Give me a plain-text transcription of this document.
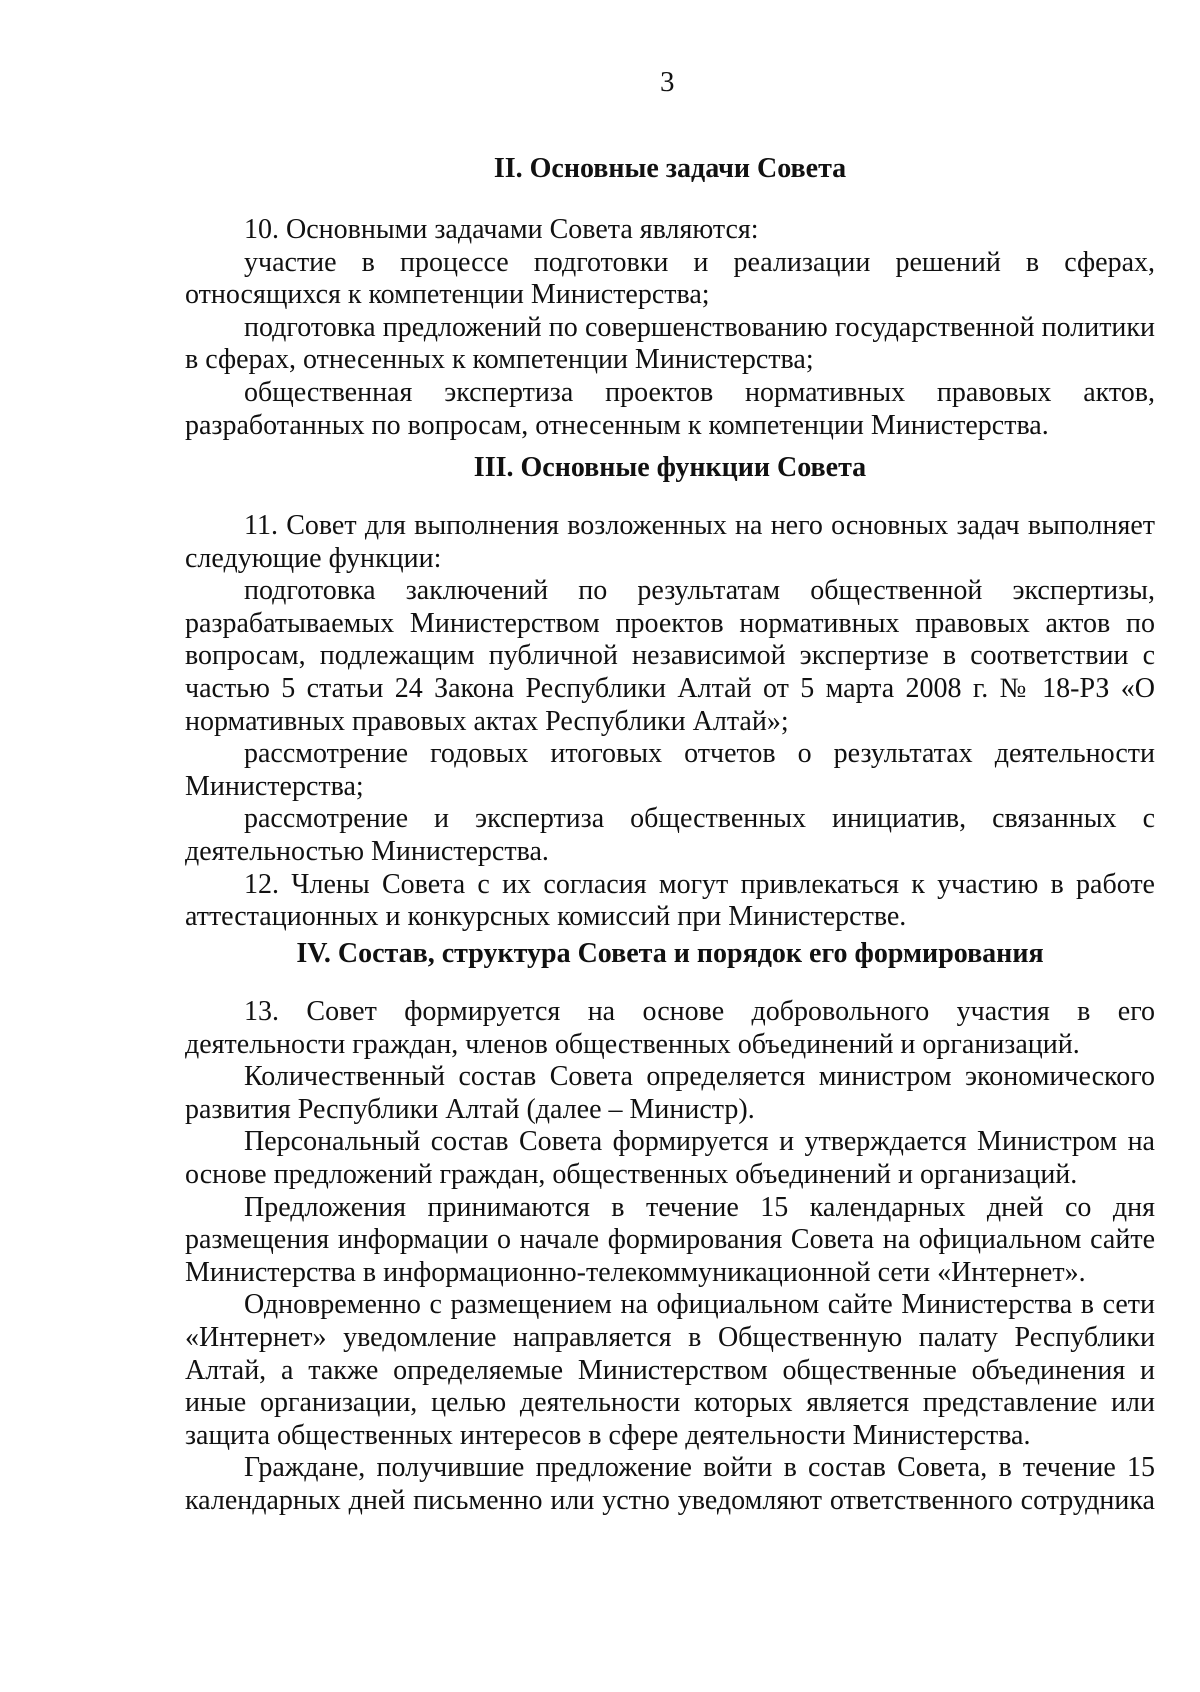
3
II. Основные задачи Совета

10. Основными задачами Совета являются:

участие в процессе подготовки и реализации решений в сферах, относящихся к компетенции Министерства;

подготовка предложений по совершенствованию государственной политики в сферах, отнесенных к компетенции Министерства;

общественная экспертиза проектов нормативных правовых актов, разработанных по вопросам, отнесенным к компетенции Министерства.

III. Основные функции Совета

11. Совет для выполнения возложенных на него основных задач выполняет следующие функции:

подготовка заключений по результатам общественной экспертизы, разрабатываемых Министерством проектов нормативных правовых актов по вопросам, подлежащим публичной независимой экспертизе в соответствии с частью 5 статьи 24 Закона Республики Алтай от 5 марта 2008 г. № 18-РЗ «О нормативных правовых актах Республики Алтай»;

рассмотрение годовых итоговых отчетов о результатах деятельности Министерства;

рассмотрение и экспертиза общественных инициатив, связанных с деятельностью Министерства.

12. Члены Совета с их согласия могут привлекаться к участию в работе аттестационных и конкурсных комиссий при Министерстве.

IV. Состав, структура Совета и порядок его формирования

13. Совет формируется на основе добровольного участия в его деятельности граждан, членов общественных объединений и организаций.

Количественный состав Совета определяется министром экономического развития Республики Алтай (далее – Министр).

Персональный состав Совета формируется и утверждается Министром на основе предложений граждан, общественных объединений и организаций.

Предложения принимаются в течение 15 календарных дней со дня размещения информации о начале формирования Совета на официальном сайте Министерства в информационно-телекоммуникационной сети «Интернет».

Одновременно с размещением на официальном сайте Министерства в сети «Интернет» уведомление направляется в Общественную палату Республики Алтай, а также определяемые Министерством общественные объединения и иные организации, целью деятельности которых является представление или защита общественных интересов в сфере деятельности Министерства.

Граждане, получившие предложение войти в состав Совета, в течение 15 календарных дней письменно или устно уведомляют ответственного сотрудника
